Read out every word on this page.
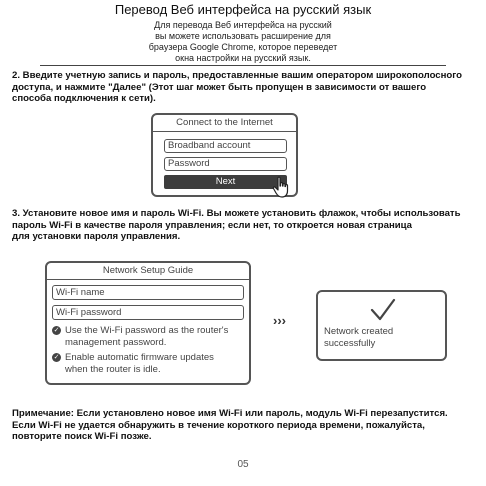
Перевод Веб интерфейса на русский язык

Для перевода Веб интерфейса на русский
вы можете использовать расширение для
браузера Google Chrome, которое переведет
окна настройки на русский язык.
2. Введите учетную запись и пароль, предоставленные вашим оператором широкополосного
доступа, и нажмите "Далее" (Этот шаг может быть пропущен в зависимости от вашего
способа подключения к сети).
Connect to the Internet
Broadband account
Password
Next
3. Установите новое имя и пароль Wi-Fi. Вы можете установить флажок, чтобы использовать
пароль Wi-Fi в качестве пароля управления; если нет, то откроется новая страница
для установки пароля управления.
Network Setup Guide
Wi-Fi name
Wi-Fi password
✓ Use the Wi-Fi password as the router's
management password.
✓ Enable automatic firmware updates
when the router is idle.
›››
Network created
successfully
Примечание: Если установлено новое имя Wi-Fi или пароль, модуль Wi-Fi перезапустится.
Если Wi-Fi не удается обнаружить в течение короткого периода времени, пожалуйста,
повторите поиск Wi-Fi позже.
05
